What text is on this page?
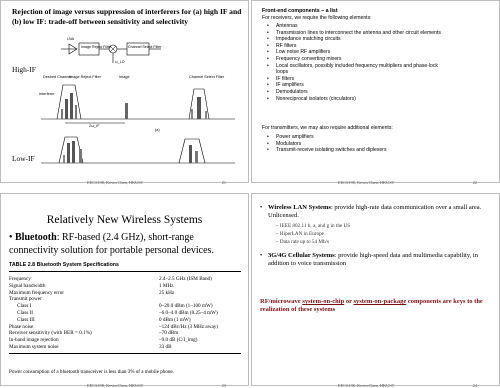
Rejection of image versus suppression of interferers for (a) high IF and (b) low IF: trade-off between sensitivity and selectivity
High-IF
Low-IF
LNA
Image Reject Filter
ω_LO
Channel Select Filter
Desired Channel
Image Reject Filter	Image	Channel Select Filter
Interferer
2ω_IF
(a)
EECS198, Kevin Chen, HKUST	21
Front-end components – a list
For receivers, we require the following elements:
• Antennas
• Transmission lines to interconnect the antenna and other circuit elements
• Impedance matching circuits
• RF filters
• Low noise RF amplifiers
• Frequency converting mixers
• Local oscillators, possibly included frequency multipliers and phase-lock loops
• IF filters
• IF amplifiers
• Demodulators
• Nonreciprocal isolators (circulators)
For transmitters, we may also require additional elements:
• Power amplifiers
• Modulators
• Transmit-receive isolating switches and diplexers
EECS198, Kevin Chen, HKUST	22
Relatively New Wireless Systems
• Bluetooth: RF-based (2.4 GHz), short-range connectivity solution for portable personal devices.
TABLE 2.8 Bluetooth System Specifications
Frequency	2.4–2.5 GHz (ISM Band)
Signal bandwidth	1 MHz
Maximum frequency error	25 kHz
Transmit power
Class I	0–20.0 dBm (1–100 mW)
Class II	–6.0–4.0 dBm (0.25–4 mW)
Class III	0 dBm (1 mW)
Phase noise	–124 dBc/Hz (3 MHz away)
Receiver sensitivity (with BER = 0.1%)	–70 dBm
In-band image rejection	–9.0 dB (C/I_img)
Maximum system noise	33 dB
Power consumption of a bluetooth transceiver is less than 3% of a mobile phone.
EECS198, Kevin Chen, HKUST	23
• Wireless LAN Systems: provide high-rate data communication over a small area. Unlicensed.
– IEEE 802.11 b, a, and g in the US
– HiperLAN in Europe
– Data rate up to 54 Mb/s
• 3G/4G Cellular Systems: provide high-speed data and multimedia capability, in addition to voice transmission
RF/microwave system-on-chip or system-on-package components are keys to the realization of these systems
EECS198, Kevin Chen, HKUST	24
